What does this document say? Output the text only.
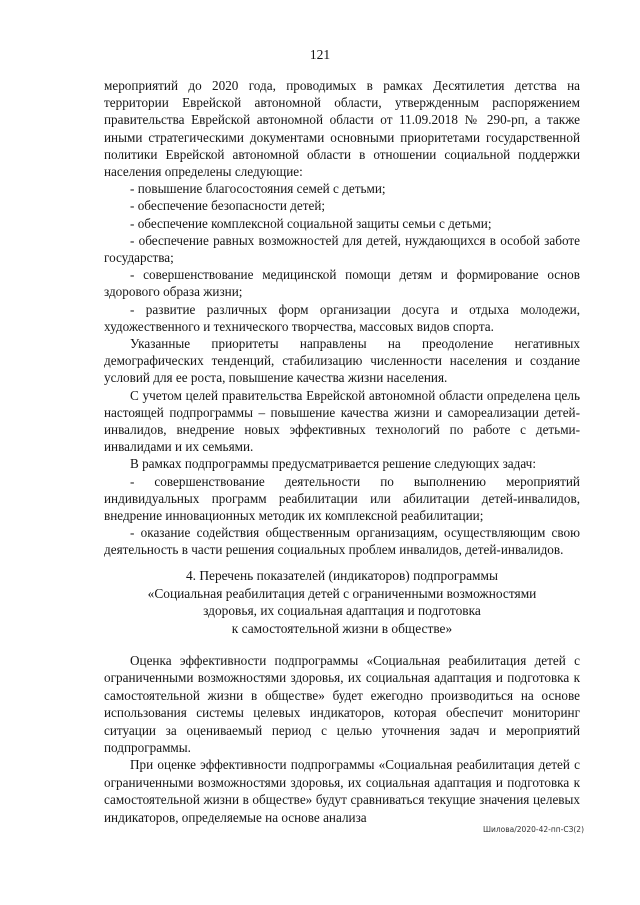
121

мероприятий до 2020 года, проводимых в рамках Десятилетия детства на территории Еврейской автономной области, утвержденным распоряжением правительства Еврейской автономной области от 11.09.2018 № 290-рп, а также иными стратегическими документами основными приоритетами государственной политики Еврейской автономной области в отношении социальной поддержки населения определены следующие:

- повышение благосостояния семей с детьми;

- обеспечение безопасности детей;

- обеспечение комплексной социальной защиты семьи с детьми;

- обеспечение равных возможностей для детей, нуждающихся в особой заботе государства;

- совершенствование медицинской помощи детям и формирование основ здорового образа жизни;

- развитие различных форм организации досуга и отдыха молодежи, художественного и технического творчества, массовых видов спорта.

Указанные приоритеты направлены на преодоление негативных демографических тенденций, стабилизацию численности населения и создание условий для ее роста, повышение качества жизни населения.

С учетом целей правительства Еврейской автономной области определена цель настоящей подпрограммы – повышение качества жизни и самореализации детей-инвалидов, внедрение новых эффективных технологий по работе с детьми-инвалидами и их семьями.

В рамках подпрограммы предусматривается решение следующих задач:

- совершенствование деятельности по выполнению мероприятий индивидуальных программ реабилитации или абилитации детей-инвалидов, внедрение инновационных методик их комплексной реабилитации;

- оказание содействия общественным организациям, осуществляющим свою деятельность в части решения социальных проблем инвалидов, детей-инвалидов.

4. Перечень показателей (индикаторов) подпрограммы
«Социальная реабилитация детей с ограниченными возможностями
здоровья, их социальная адаптация и подготовка
к самостоятельной жизни в обществе»

Оценка эффективности подпрограммы «Социальная реабилитация детей с ограниченными возможностями здоровья, их социальная адаптация и подготовка к самостоятельной жизни в обществе» будет ежегодно производиться на основе использования системы целевых индикаторов, которая обеспечит мониторинг ситуации за оцениваемый период с целью уточнения задач и мероприятий подпрограммы.

При оценке эффективности подпрограммы «Социальная реабилитация детей с ограниченными возможностями здоровья, их социальная адаптация и подготовка к самостоятельной жизни в обществе» будут сравниваться текущие значения целевых индикаторов, определяемые на основе анализа

Шилова/2020-42-пп-СЗ(2)
